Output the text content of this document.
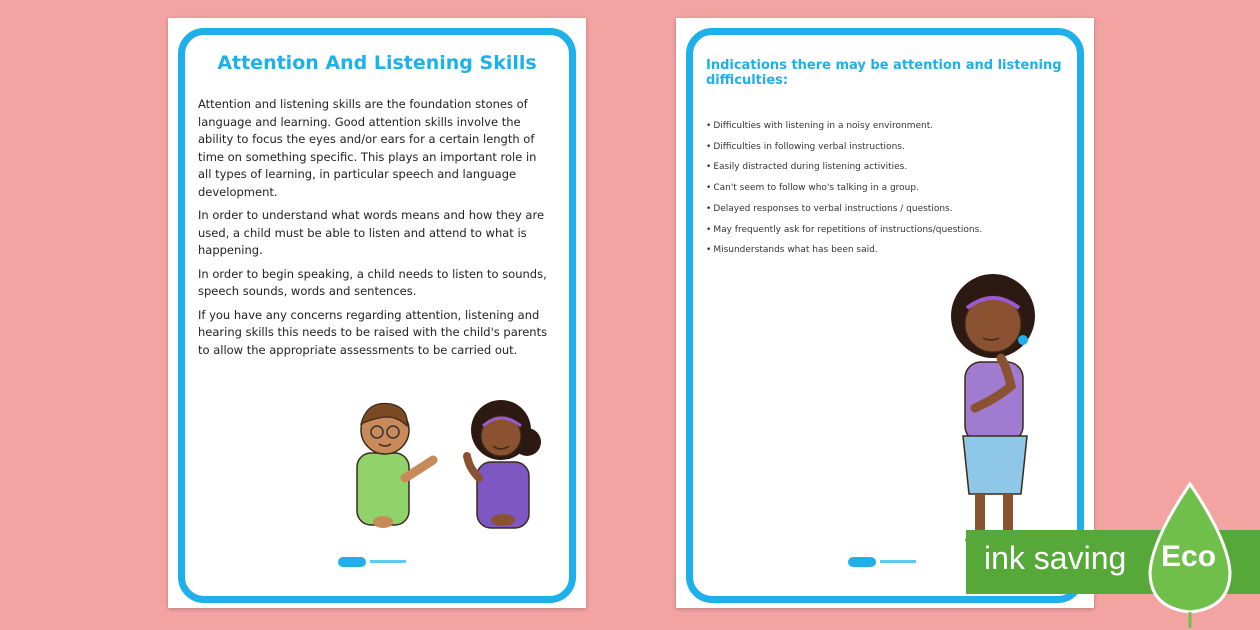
Attention And Listening Skills

Attention and listening skills are the foundation stones of language and learning. Good attention skills involve the ability to focus the eyes and/or ears for a certain length of time on something specific. This plays an important role in all types of learning, in particular speech and language development.

In order to understand what words means and how they are used, a child must be able to listen and attend to what is happening.

In order to begin speaking, a child needs to listen to sounds, speech sounds, words and sentences.

If you have any concerns regarding attention, listening and hearing skills this needs to be raised with the child's parents to allow the appropriate assessments to be carried out.

Indications there may be attention and listening difficulties:
• Difficulties with listening in a noisy environment.
• Difficulties in following verbal instructions.
• Easily distracted during listening activities.
• Can't seem to follow who's talking in a group.
• Delayed responses to verbal instructions / questions.
• May frequently ask for repetitions of instructions/questions.
• Misunderstands what has been said.
ink saving Eco
